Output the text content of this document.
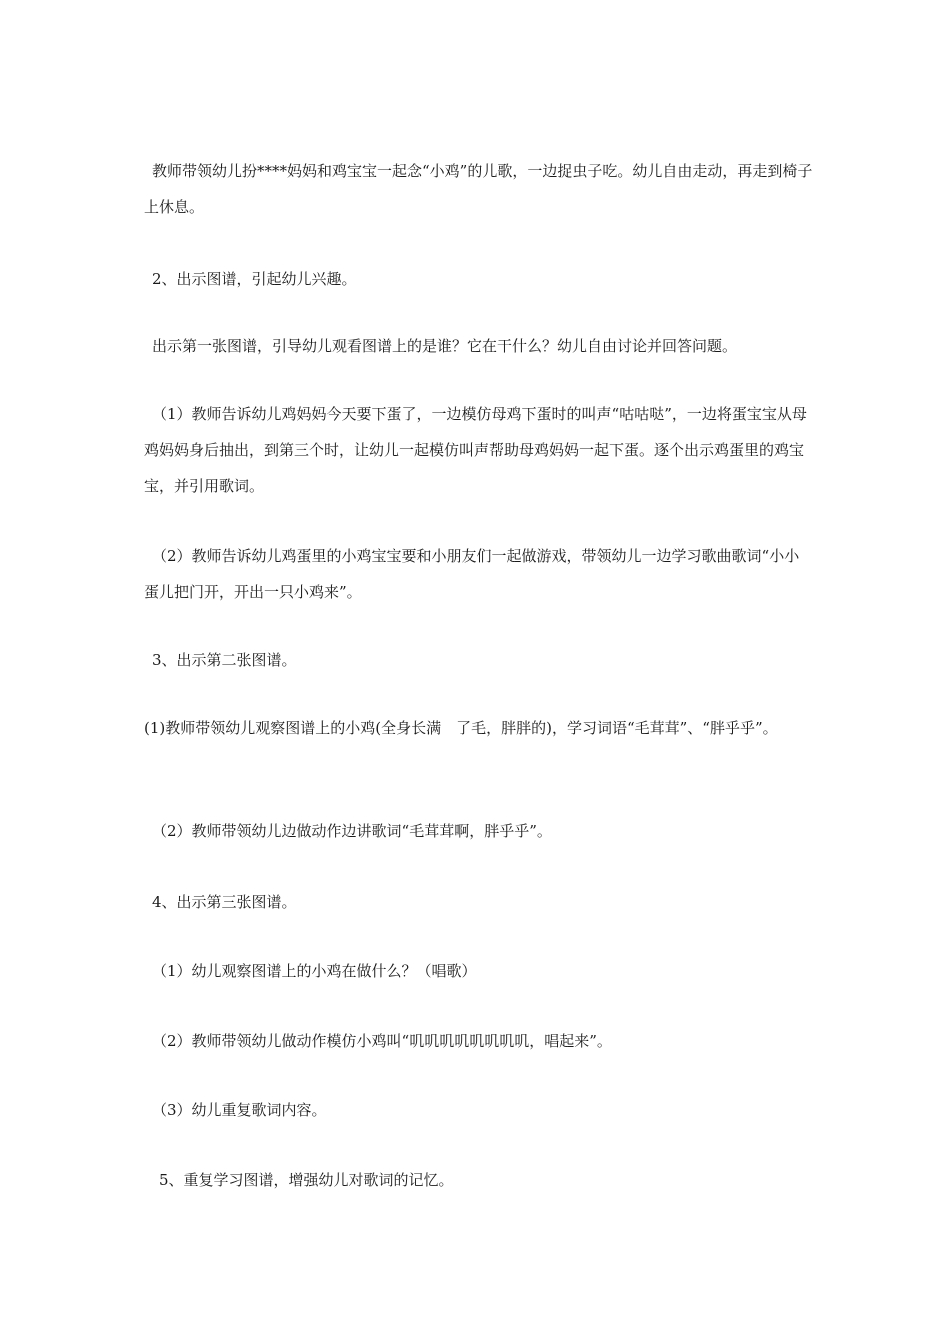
教师带领幼儿扮****妈妈和鸡宝宝一起念“小鸡”的儿歌，一边捉虫子吃。幼儿自由走动，再走到椅子上休息。

2、出示图谱，引起幼儿兴趣。

出示第一张图谱，引导幼儿观看图谱上的是谁？它在干什么？幼儿自由讨论并回答问题。

（1）教师告诉幼儿鸡妈妈今天要下蛋了，一边模仿母鸡下蛋时的叫声“咕咕哒”，一边将蛋宝宝从母鸡妈妈身后抽出，到第三个时，让幼儿一起模仿叫声帮助母鸡妈妈一起下蛋。逐个出示鸡蛋里的鸡宝宝，并引用歌词。

（2）教师告诉幼儿鸡蛋里的小鸡宝宝要和小朋友们一起做游戏，带领幼儿一边学习歌曲歌词“小小蛋儿把门开，开出一只小鸡来”。

3、出示第二张图谱。

(1)教师带领幼儿观察图谱上的小鸡(全身长满　了毛，胖胖的)，学习词语“毛茸茸”、“胖乎乎”。

（2）教师带领幼儿边做动作边讲歌词“毛茸茸啊，胖乎乎”。

4、出示第三张图谱。

（1）幼儿观察图谱上的小鸡在做什么？（唱歌）

（2）教师带领幼儿做动作模仿小鸡叫“叽叽叽叽叽叽叽叽，唱起来”。

（3）幼儿重复歌词内容。

5、重复学习图谱，增强幼儿对歌词的记忆。
